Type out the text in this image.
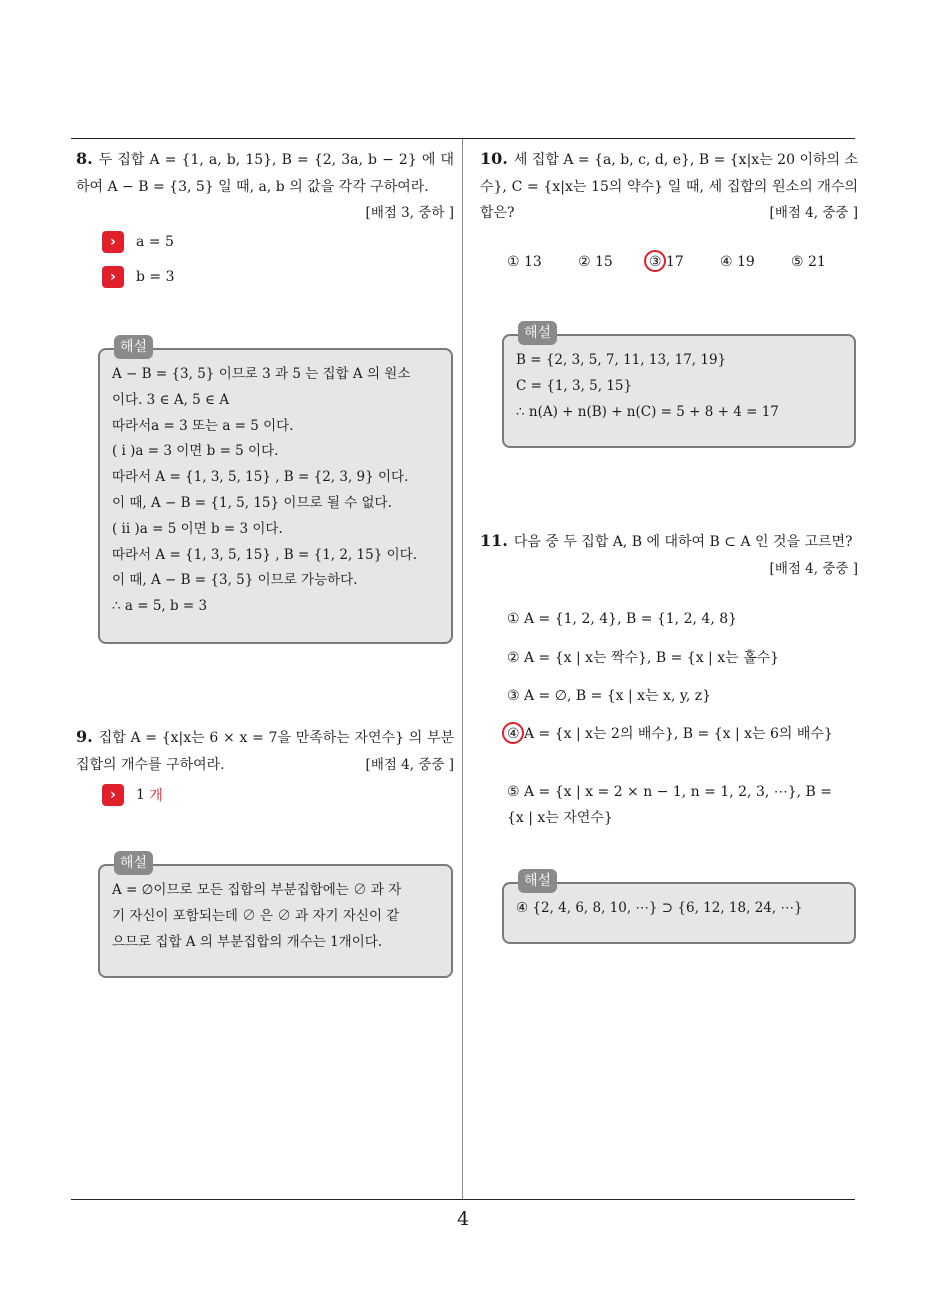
8. 두 집합 A = {1, a, b, 15}, B = {2, 3a, b − 2} 에 대하여 A − B = {3, 5} 일 때, a, b 의 값을 각각 구하여라.
[배점 3, 중하 ]
›	a = 5
›	b = 3
해설
A − B = {3, 5} 이므로 3 과 5 는 집합 A 의 원소
이다. 3 ∈ A, 5 ∈ A
따라서a = 3 또는 a = 5 이다.
( i )a = 3 이면 b = 5 이다.
따라서 A = {1, 3, 5, 15} , B = {2, 3, 9} 이다.
이 때, A − B = {1, 5, 15} 이므로 될 수 없다.
( ii )a = 5 이면 b = 3 이다.
따라서 A = {1, 3, 5, 15} , B = {1, 2, 15} 이다.
이 때, A − B = {3, 5} 이므로 가능하다.
∴ a = 5, b = 3
9. 집합 A = {x|x는 6 × x = 7을 만족하는 자연수} 의 부분집합의 개수를 구하여라.	[배점 4, 중중 ]
›	1
개
해설
A = ∅이므로 모든 집합의 부분집합에는 ∅ 과 자
기 자신이 포함되는데 ∅ 은 ∅ 과 자기 자신이 같
으므로 집합 A 의 부분집합의 개수는 1개이다.
10. 세 집합 A = {a, b, c, d, e}, B = {x|x는 20 이하의 소수}, C = {x|x는 15의 약수} 일 때, 세 집합의 원소의 개수의 합은?	[배점 4, 중중 ]
① 13	② 15	③ 17	④ 19	⑤ 21
해설
B = {2, 3, 5, 7, 11, 13, 17, 19}
C = {1, 3, 5, 15}
∴ n(A) + n(B) + n(C) = 5 + 8 + 4 = 17
11. 다음 중 두 집합 A, B 에 대하여 B ⊂ A 인 것을 고르면?
[배점 4, 중중 ]
① A = {1, 2, 4}, B = {1, 2, 4, 8}
② A = {x | x는 짝수}, B = {x | x는 홀수}
③ A = ∅, B = {x | x는 x, y, z}
④ A = {x | x는 2의 배수}, B = {x | x는 6의 배수}
⑤ A = {x | x = 2 × n − 1, n = 1, 2, 3, ⋯}, B = {x | x는 자연수}
해설
④ {2, 4, 6, 8, 10, ⋯} ⊃ {6, 12, 18, 24, ⋯}
4
